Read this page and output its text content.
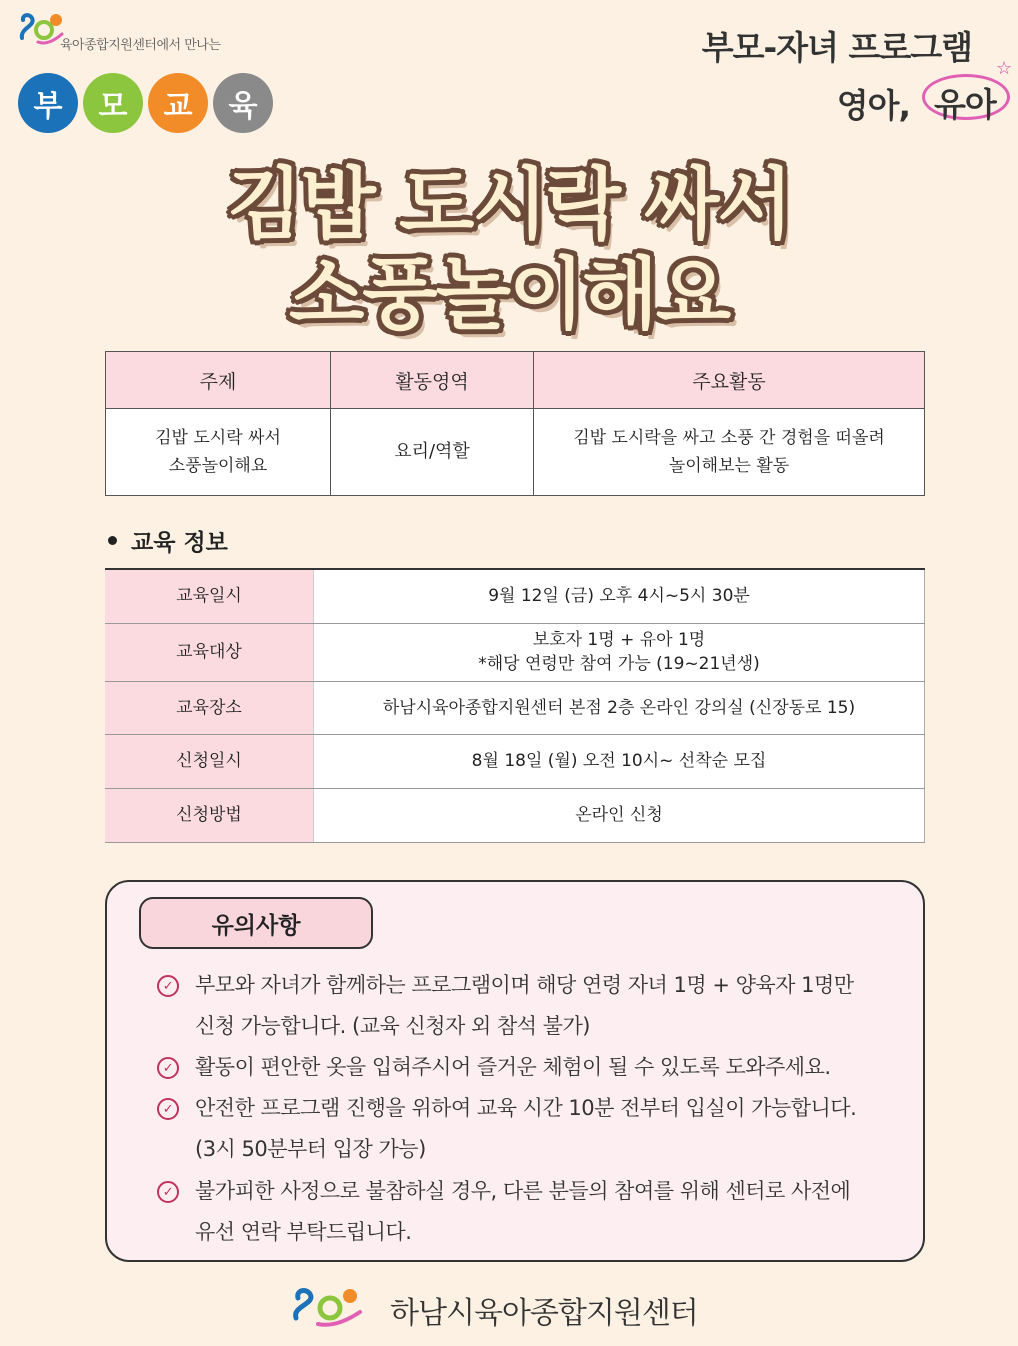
육아종합지원센터에서 만나는
부 모 교 육
부모-자녀 프로그램
영아, 유아
☆
김밥 도시락 싸서
소풍놀이해요
주제	활동영역	주요활동
김밥 도시락 싸서
소풍놀이해요	요리/역할	김밥 도시락을 싸고 소풍 간 경험을 떠올려
놀이해보는 활동
교육 정보
교육일시	9월 12일 (금) 오후 4시~5시 30분
교육대상	보호자 1명 + 유아 1명
*해당 연령만 참여 가능 (19~21년생)
교육장소	하남시육아종합지원센터 본점 2층 온라인 강의실 (신장동로 15)
신청일시	8월 18일 (월) 오전 10시~ 선착순 모집
신청방법	온라인 신청
유의사항
✓ 부모와 자녀가 함께하는 프로그램이며 해당 연령 자녀 1명 + 양육자 1명만
신청 가능합니다. (교육 신청자 외 참석 불가)
✓ 활동이 편안한 옷을 입혀주시어 즐거운 체험이 될 수 있도록 도와주세요.
✓ 안전한 프로그램 진행을 위하여 교육 시간 10분 전부터 입실이 가능합니다.
(3시 50분부터 입장 가능)
✓ 불가피한 사정으로 불참하실 경우, 다른 분들의 참여를 위해 센터로 사전에
유선 연락 부탁드립니다.
하남시육아종합지원센터
